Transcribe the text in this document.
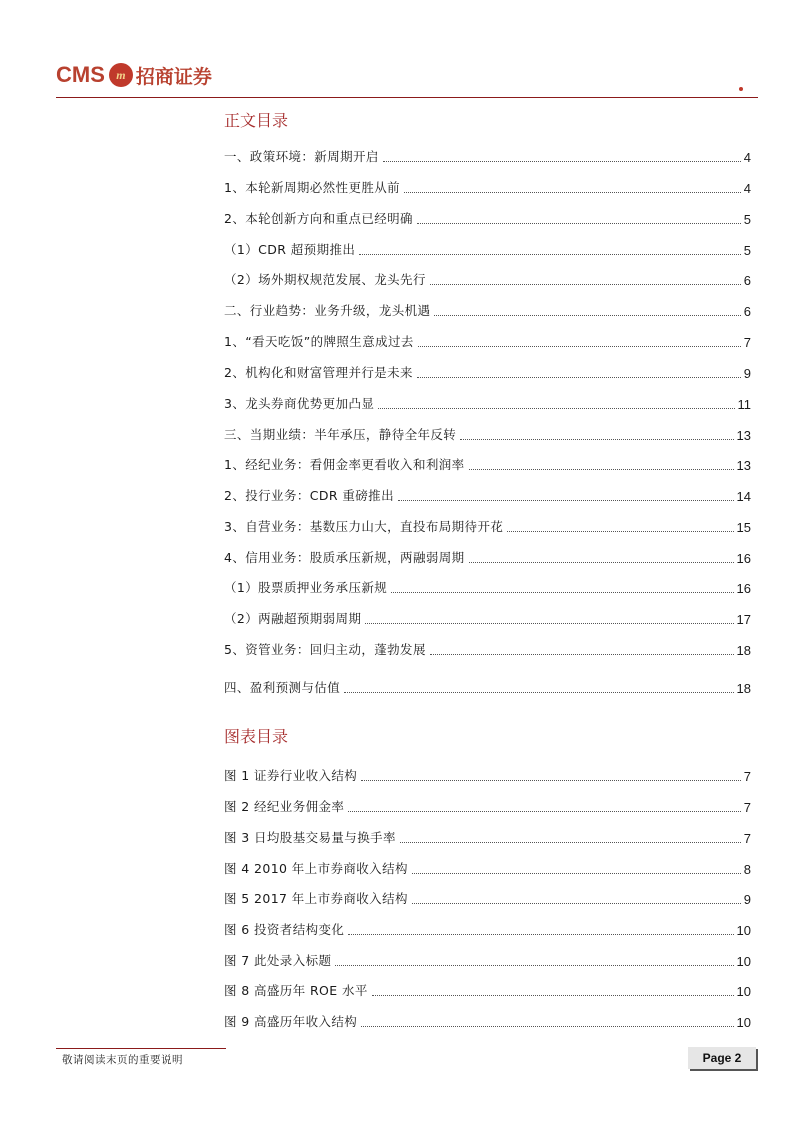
CMS m 招商证券
正文目录
一、政策环境：新周期开启	4
1、本轮新周期必然性更胜从前	4
2、本轮创新方向和重点已经明确	5
（1）CDR 超预期推出	5
（2）场外期权规范发展、龙头先行	6
二、行业趋势：业务升级，龙头机遇	6
1、“看天吃饭”的牌照生意成过去	7
2、机构化和财富管理并行是未来	9
3、龙头券商优势更加凸显	11
三、当期业绩：半年承压，静待全年反转	13
1、经纪业务：看佣金率更看收入和利润率	13
2、投行业务：CDR 重磅推出	14
3、自营业务：基数压力山大，直投布局期待开花	15
4、信用业务：股质承压新规，两融弱周期	16
（1）股票质押业务承压新规	16
（2）两融超预期弱周期	17
5、资管业务：回归主动，蓬勃发展	18
四、盈利预测与估值	18
图表目录
图 1 证券行业收入结构	7
图 2 经纪业务佣金率	7
图 3 日均股基交易量与换手率	7
图 4 2010 年上市券商收入结构	8
图 5 2017 年上市券商收入结构	9
图 6 投资者结构变化	10
图 7 此处录入标题	10
图 8 高盛历年 ROE 水平	10
图 9 高盛历年收入结构	10
敬请阅读末页的重要说明	Page 2
